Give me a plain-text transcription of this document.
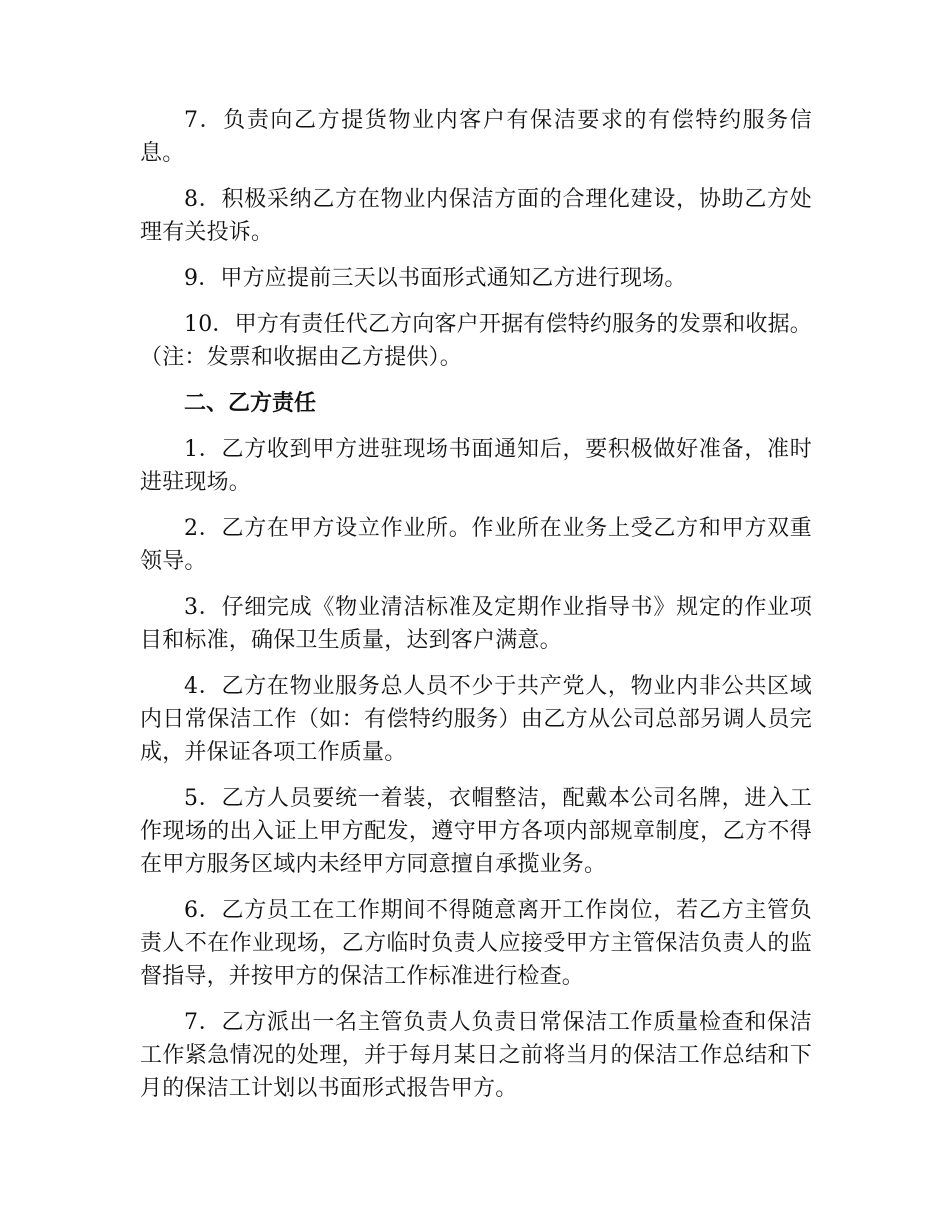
7．负责向乙方提货物业内客户有保洁要求的有偿特约服务信息。

8．积极采纳乙方在物业内保洁方面的合理化建设，协助乙方处理有关投诉。

9．甲方应提前三天以书面形式通知乙方进行现场。

10．甲方有责任代乙方向客户开据有偿特约服务的发票和收据。（注：发票和收据由乙方提供）。

二、乙方责任

1．乙方收到甲方进驻现场书面通知后，要积极做好准备，准时进驻现场。

2．乙方在甲方设立作业所。作业所在业务上受乙方和甲方双重领导。

3．仔细完成《物业清洁标准及定期作业指导书》规定的作业项目和标准，确保卫生质量，达到客户满意。

4．乙方在物业服务总人员不少于共产党人，物业内非公共区域内日常保洁工作（如：有偿特约服务）由乙方从公司总部另调人员完成，并保证各项工作质量。

5．乙方人员要统一着装，衣帽整洁，配戴本公司名牌，进入工作现场的出入证上甲方配发，遵守甲方各项内部规章制度，乙方不得在甲方服务区域内未经甲方同意擅自承揽业务。

6．乙方员工在工作期间不得随意离开工作岗位，若乙方主管负责人不在作业现场，乙方临时负责人应接受甲方主管保洁负责人的监督指导，并按甲方的保洁工作标准进行检查。

7．乙方派出一名主管负责人负责日常保洁工作质量检查和保洁工作紧急情况的处理，并于每月某日之前将当月的保洁工作总结和下月的保洁工计划以书面形式报告甲方。
